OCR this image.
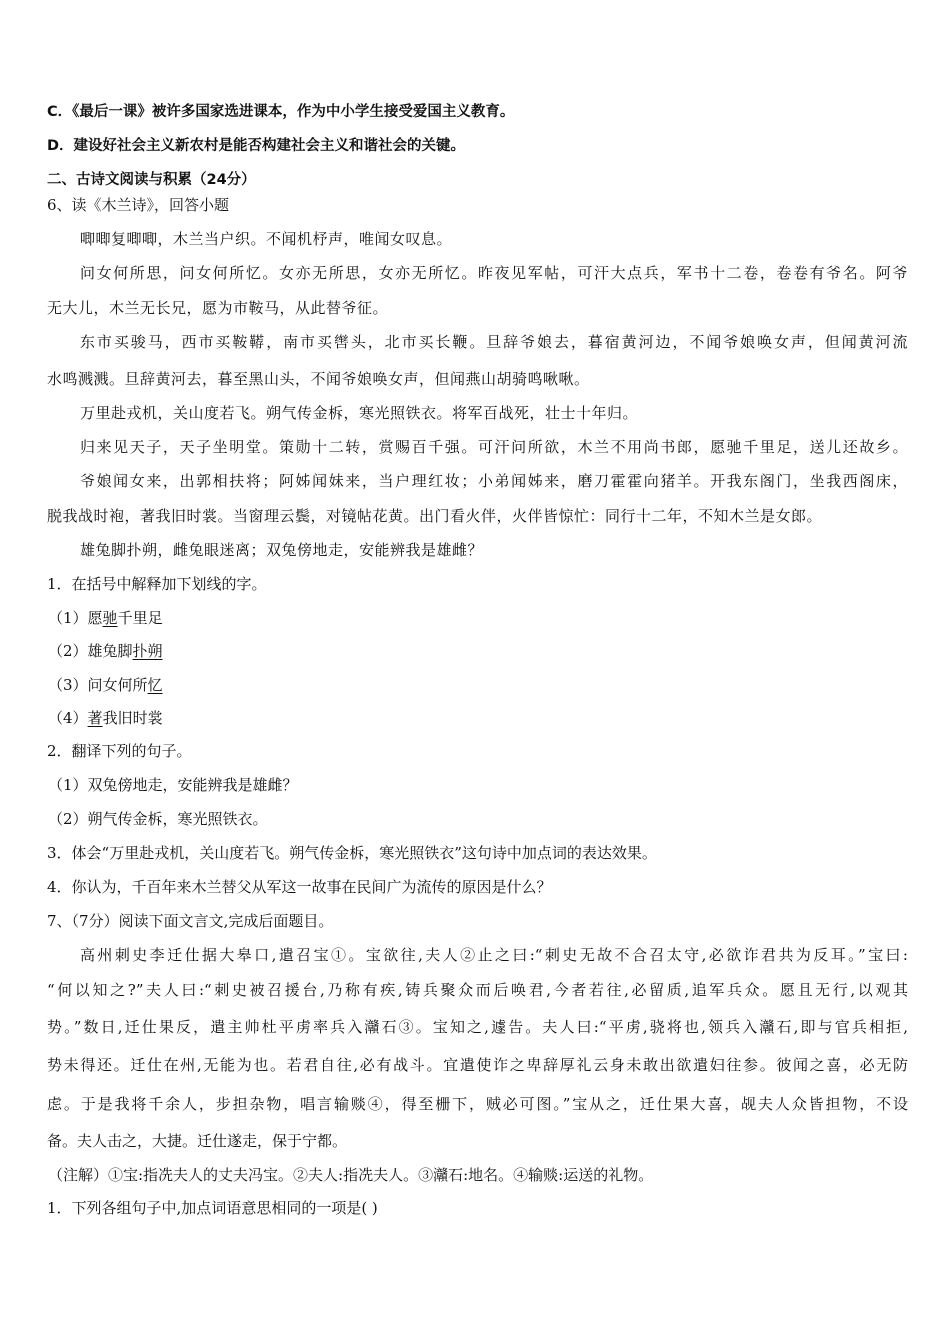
C．《最后一课》被许多国家选进课本，作为中小学生接受爱国主义教育。
D．建设好社会主义新农村是能否构建社会主义和谐社会的关键。
二、古诗文阅读与积累（24分）
6、读《木兰诗》，回答小题
唧唧复唧唧，木兰当户织。不闻机杼声，唯闻女叹息。
问女何所思，问女何所忆。女亦无所思，女亦无所忆。昨夜见军帖，可汗大点兵，军书十二卷，卷卷有爷名。阿爷
无大儿，木兰无长兄，愿为市鞍马，从此替爷征。
东市买骏马，西市买鞍鞯，南市买辔头，北市买长鞭。旦辞爷娘去，暮宿黄河边，不闻爷娘唤女声，但闻黄河流
水鸣溅溅。旦辞黄河去，暮至黑山头，不闻爷娘唤女声，但闻燕山胡骑鸣啾啾。
万里赴戎机，关山度若飞。朔气传金柝，寒光照铁衣。将军百战死，壮士十年归。
归来见天子，天子坐明堂。策勋十二转，赏赐百千强。可汗问所欲，木兰不用尚书郎，愿驰千里足，送儿还故乡。
爷娘闻女来，出郭相扶将；阿姊闻妹来，当户理红妆；小弟闻姊来，磨刀霍霍向猪羊。开我东阁门，坐我西阁床，
脱我战时袍，著我旧时裳。当窗理云鬓，对镜帖花黄。出门看火伴，火伴皆惊忙：同行十二年，不知木兰是女郎。
雄兔脚扑朔，雌兔眼迷离；双兔傍地走，安能辨我是雄雌？
1．在括号中解释加下划线的字。
（1）愿驰千里足
（2）雄兔脚扑朔
（3）问女何所忆
（4）著我旧时裳
2．翻译下列的句子。
（1）双兔傍地走，安能辨我是雄雌？
（2）朔气传金柝，寒光照铁衣。
3．体会“万里赴戎机，关山度若飞。朔气传金柝，寒光照铁衣”这句诗中加点词的表达效果。
4．你认为，千百年来木兰替父从军这一故事在民间广为流传的原因是什么？
7、（7分）阅读下面文言文,完成后面题目。
高州刺史李迁仕据大皋口,遣召宝①。宝欲往,夫人②止之曰:“刺史无故不合召太守,必欲诈君共为反耳。”宝曰:
“何以知之?”夫人曰:“刺史被召援台,乃称有疾,铸兵聚众而后唤君,今者若往,必留质,追军兵众。愿且无行,以观其
势。”数日,迁仕果反，遣主帅杜平虏率兵入灨石③。宝知之,遽告。夫人曰:“平虏,骁将也,领兵入灨石,即与官兵相拒,
势未得还。迁仕在州,无能为也。若君自往,必有战斗。宜遣使诈之卑辞厚礼云身未敢出欲遣妇往参。彼闻之喜，必无防
虑。于是我将千余人，步担杂物，唱言输赕④，得至栅下，贼必可图。”宝从之，迁仕果大喜，觇夫人众皆担物，不设
备。夫人击之，大捷。迁仕遂走，保于宁都。
（注解）①宝:指冼夫人的丈夫冯宝。②夫人:指冼夫人。③灨石:地名。④输赕:运送的礼物。
1．下列各组句子中,加点词语意思相同的一项是( )
